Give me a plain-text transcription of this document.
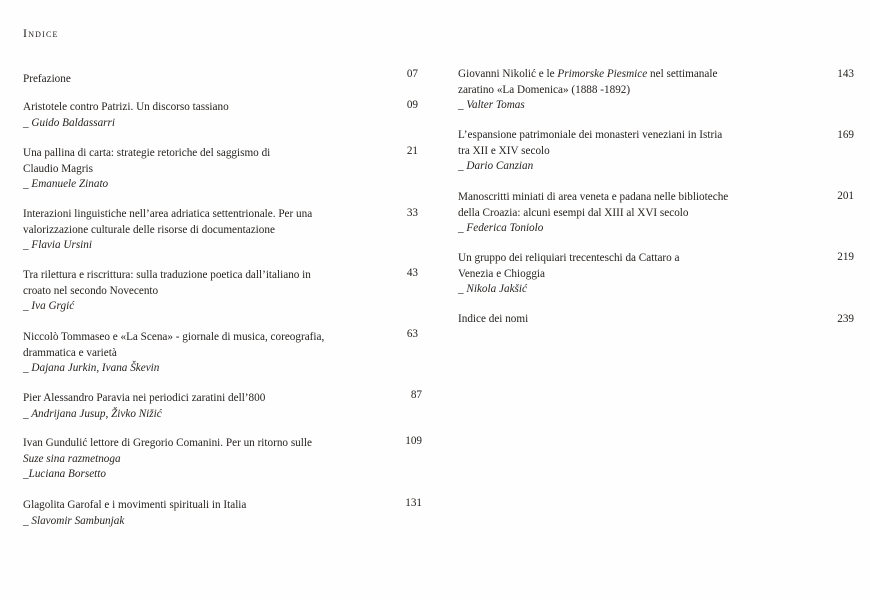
Indice
Prefazione	07
Aristotele contro Patrizi. Un discorso tassiano
_ Guido Baldassarri
09
Una pallina di carta: strategie retoriche del saggismo di
Claudio Magris
_ Emanuele Zinato
21
Interazioni linguistiche nell’area adriatica settentrionale. Per una
valorizzazione culturale delle risorse di documentazione
_ Flavia Ursini
33
Tra rilettura e riscrittura: sulla traduzione poetica dall’italiano in
croato nel secondo Novecento
_ Iva Grgić
43
Niccolò Tommaseo e «La Scena» - giornale di musica, coreografia,
drammatica e varietà
_ Dajana Jurkin, Ivana Škevin
63
Pier Alessandro Paravia nei periodici zaratini dell’800
_ Andrijana Jusup, Živko Nižić
87
Ivan Gundulić lettore di Gregorio Comanini. Per un ritorno sulle
Suze sina razmetnoga
_Luciana Borsetto
109
Glagolita Garofal e i movimenti spirituali in Italia
_ Slavomir Sambunjak
131
Giovanni Nikolić e le Primorske Piesmice nel settimanale
zaratino «La Domenica» (1888 -1892)
_ Valter Tomas
143
L’espansione patrimoniale dei monasteri veneziani in Istria
tra XII e XIV secolo
_ Dario Canzian
169
Manoscritti miniati di area veneta e padana nelle biblioteche
della Croazia: alcuni esempi dal XIII al XVI secolo
_ Federica Toniolo
201
Un gruppo dei reliquiari trecenteschi da Cattaro a
Venezia e Chioggia
_ Nikola Jakšić
219
Indice dei nomi	239
